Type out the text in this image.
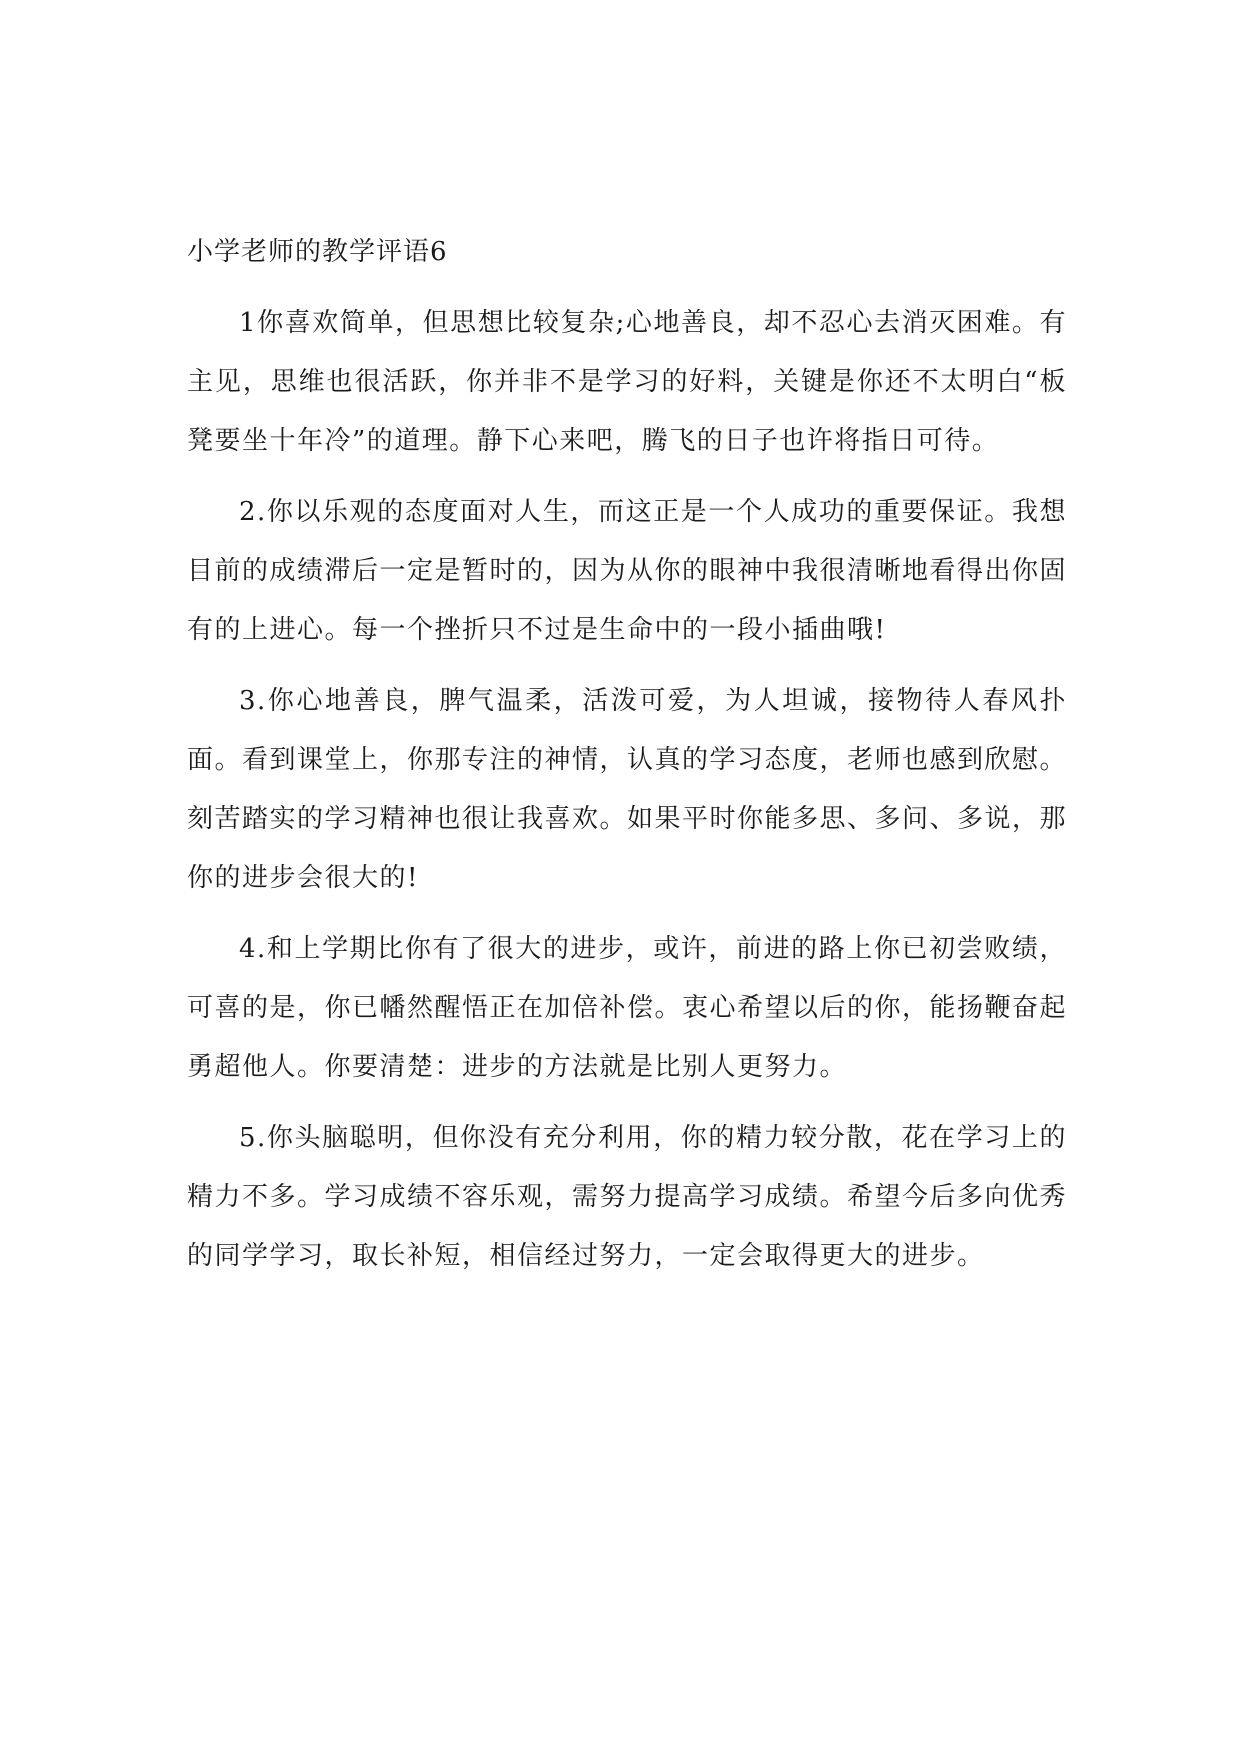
小学老师的教学评语6

1你喜欢简单，但思想比较复杂;心地善良，却不忍心去消灭困难。有主见，思维也很活跃，你并非不是学习的好料，关键是你还不太明白“板凳要坐十年冷”的道理。静下心来吧，腾飞的日子也许将指日可待。

2.你以乐观的态度面对人生，而这正是一个人成功的重要保证。我想目前的成绩滞后一定是暂时的，因为从你的眼神中我很清晰地看得出你固有的上进心。每一个挫折只不过是生命中的一段小插曲哦!

3.你心地善良，脾气温柔，活泼可爱，为人坦诚，接物待人春风扑面。看到课堂上，你那专注的神情，认真的学习态度，老师也感到欣慰。刻苦踏实的学习精神也很让我喜欢。如果平时你能多思、多问、多说，那你的进步会很大的!

4.和上学期比你有了很大的进步，或许，前进的路上你已初尝败绩，可喜的是，你已幡然醒悟正在加倍补偿。衷心希望以后的你，能扬鞭奋起勇超他人。你要清楚：进步的方法就是比别人更努力。

5.你头脑聪明，但你没有充分利用，你的精力较分散，花在学习上的精力不多。学习成绩不容乐观，需努力提高学习成绩。希望今后多向优秀的同学学习，取长补短，相信经过努力，一定会取得更大的进步。
